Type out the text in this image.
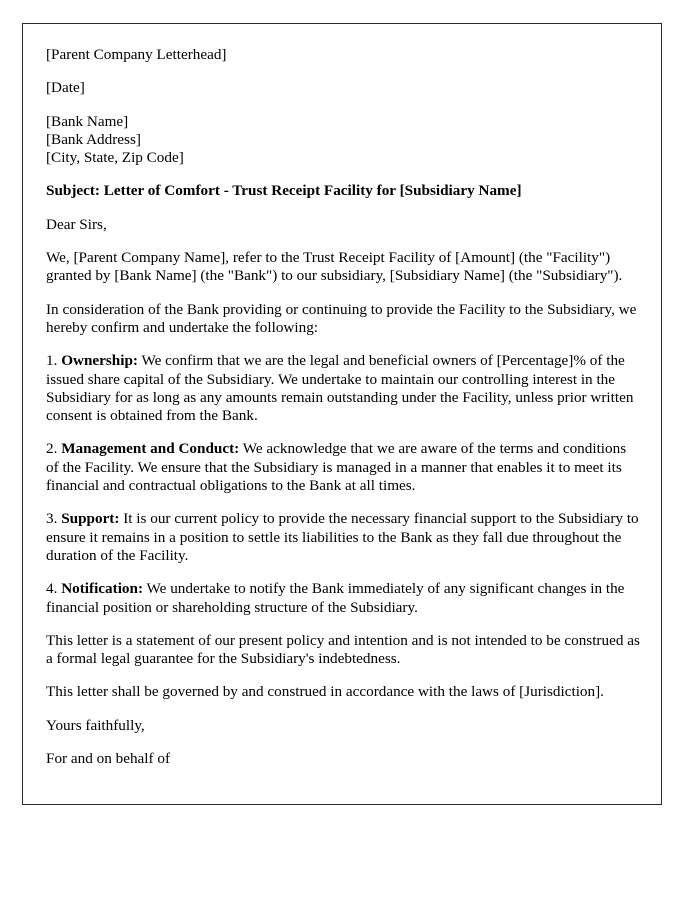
[Parent Company Letterhead]

[Date]

[Bank Name]
[Bank Address]
[City, State, Zip Code]

Subject: Letter of Comfort - Trust Receipt Facility for [Subsidiary Name]

Dear Sirs,

We, [Parent Company Name], refer to the Trust Receipt Facility of [Amount] (the "Facility") granted by [Bank Name] (the "Bank") to our subsidiary, [Subsidiary Name] (the "Subsidiary").

In consideration of the Bank providing or continuing to provide the Facility to the Subsidiary, we hereby confirm and undertake the following:

1. Ownership: We confirm that we are the legal and beneficial owners of [Percentage]% of the issued share capital of the Subsidiary. We undertake to maintain our controlling interest in the Subsidiary for as long as any amounts remain outstanding under the Facility, unless prior written consent is obtained from the Bank.

2. Management and Conduct: We acknowledge that we are aware of the terms and conditions of the Facility. We ensure that the Subsidiary is managed in a manner that enables it to meet its financial and contractual obligations to the Bank at all times.

3. Support: It is our current policy to provide the necessary financial support to the Subsidiary to ensure it remains in a position to settle its liabilities to the Bank as they fall due throughout the duration of the Facility.

4. Notification: We undertake to notify the Bank immediately of any significant changes in the financial position or shareholding structure of the Subsidiary.

This letter is a statement of our present policy and intention and is not intended to be construed as a formal legal guarantee for the Subsidiary's indebtedness.

This letter shall be governed by and construed in accordance with the laws of [Jurisdiction].

Yours faithfully,

For and on behalf of
